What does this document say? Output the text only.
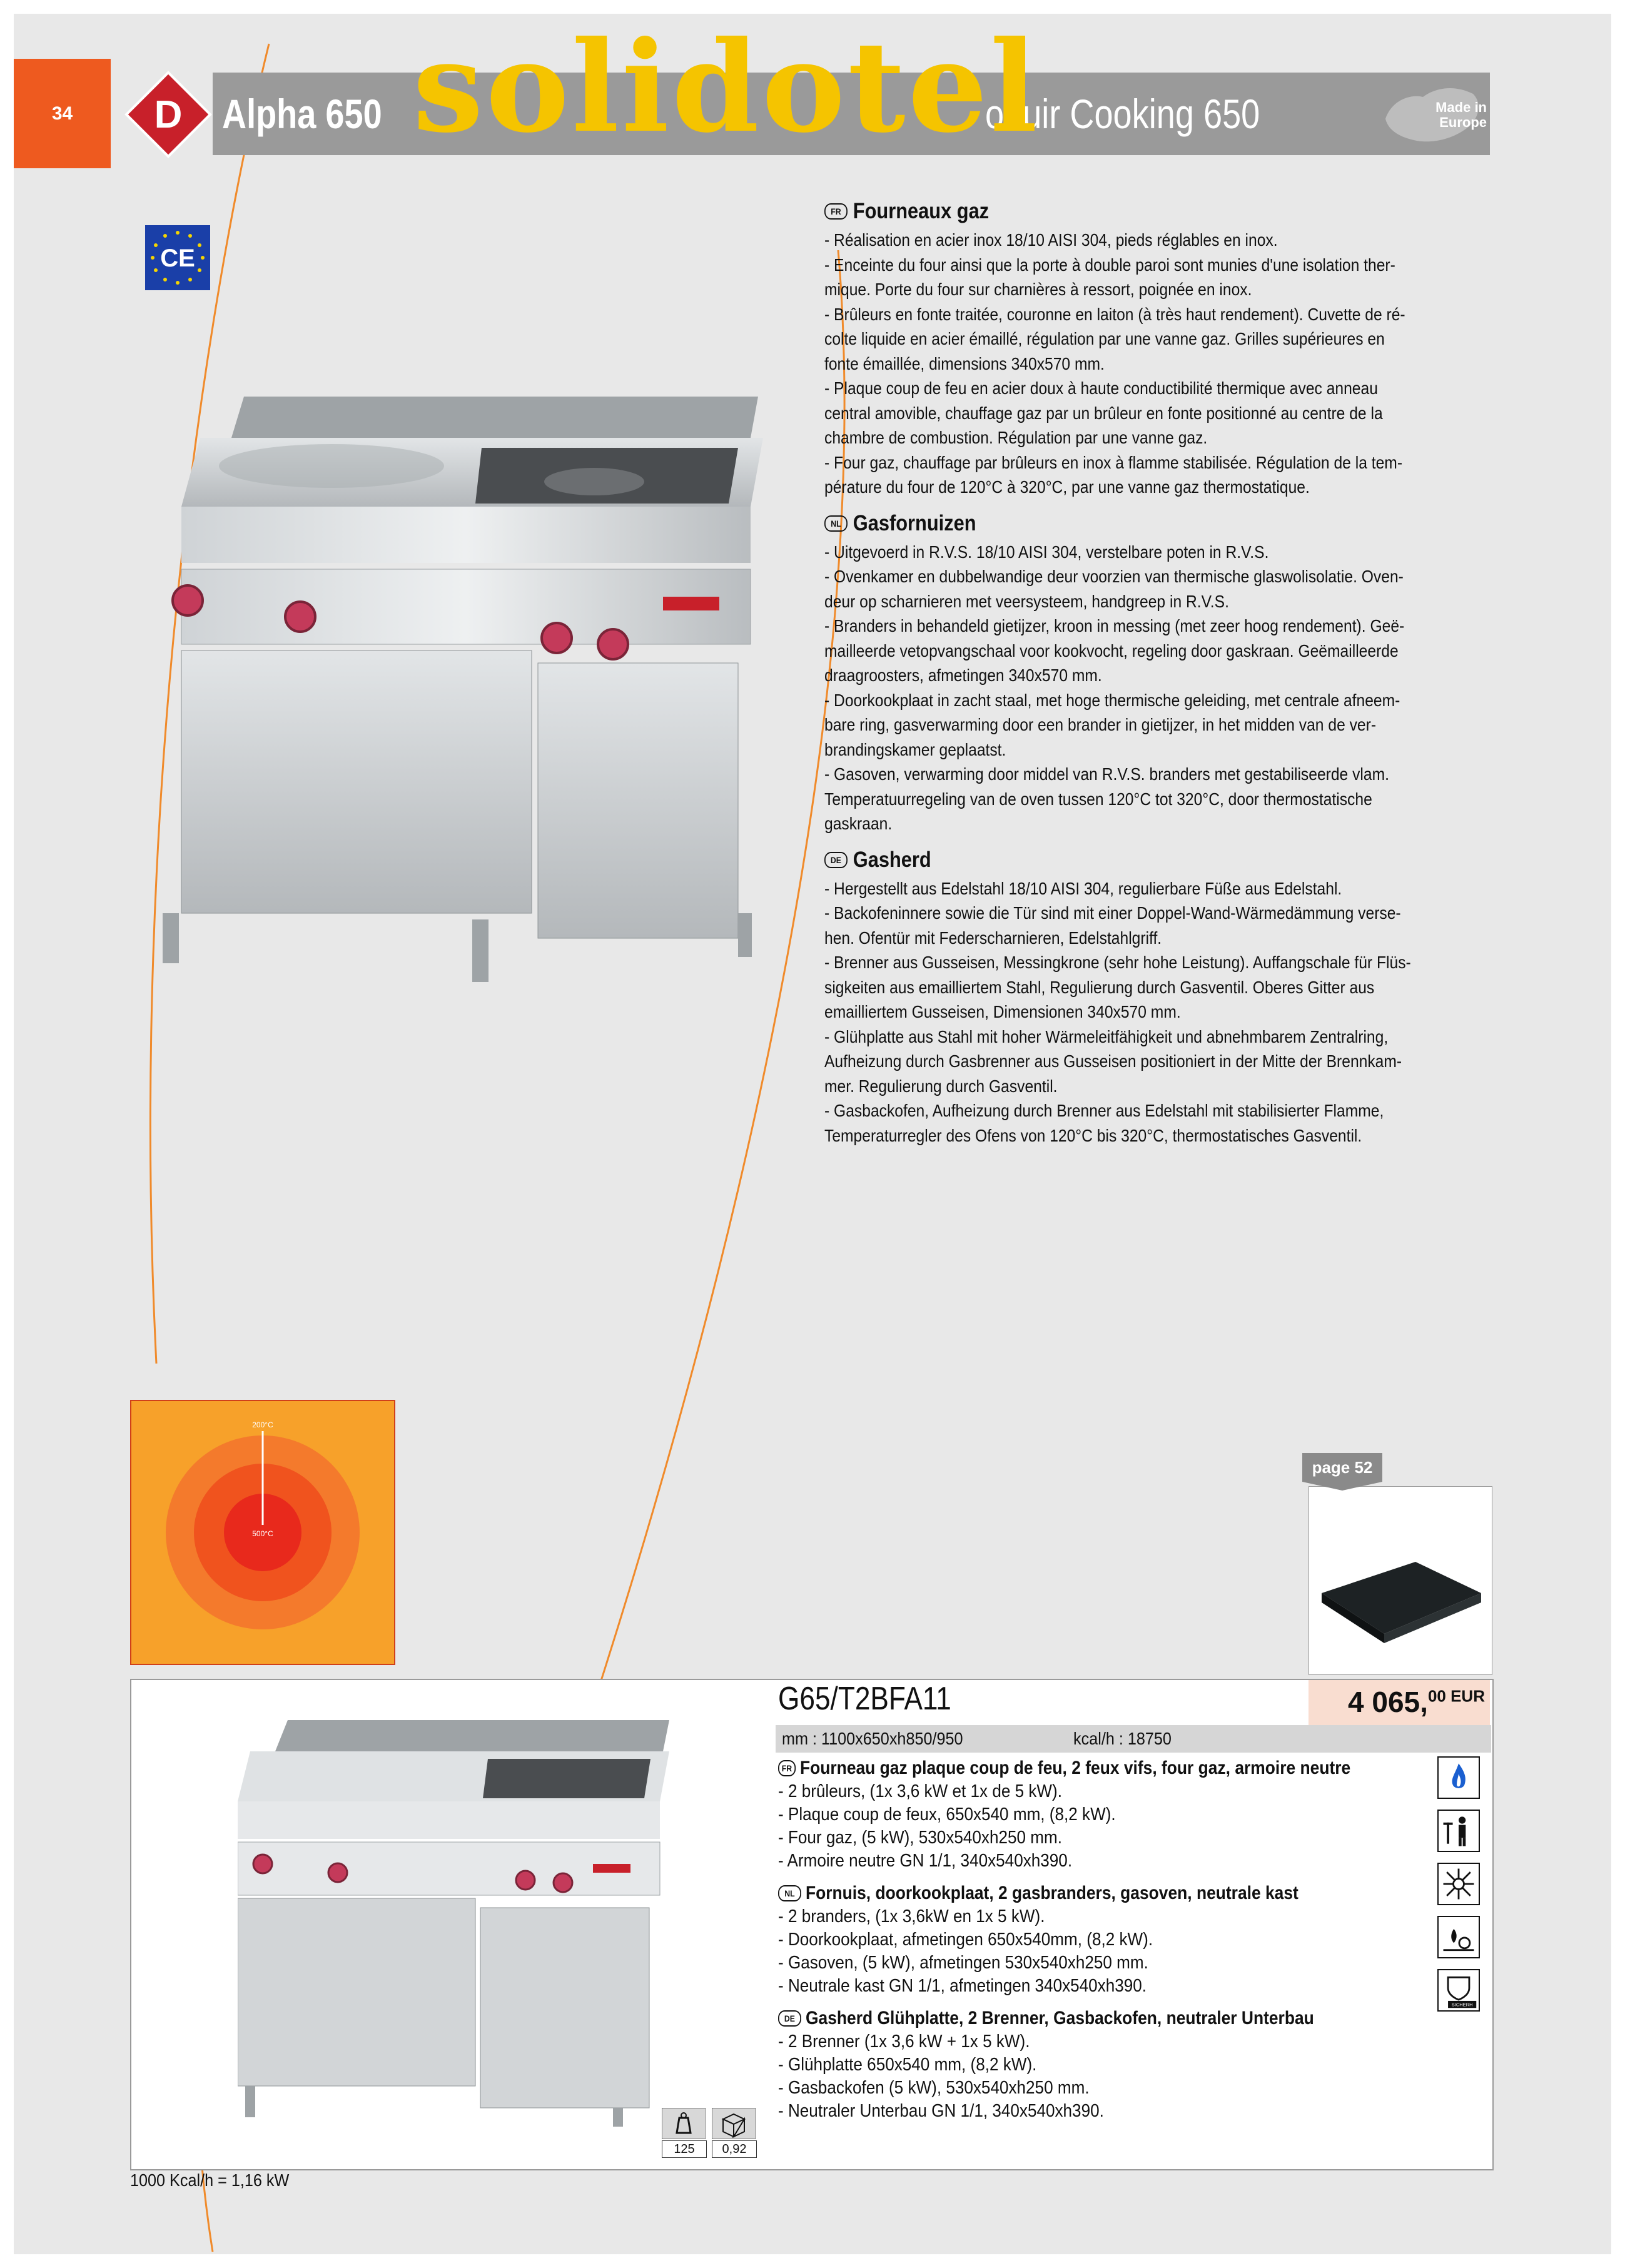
34	D Alpha 650	oduir Cooking 650
solidotel	Made in Europe
CE
FR Fourneaux gaz
- Réalisation en acier inox 18/10 AISI 304, pieds réglables en inox.
- Enceinte du four ainsi que la porte à double paroi sont munies d'une isolation ther-
mique. Porte du four sur charnières à ressort, poignée en inox.
- Brûleurs en fonte traitée, couronne en laiton (à très haut rendement). Cuvette de ré-
colte liquide en acier émaillé, régulation par une vanne gaz. Grilles supérieures en
fonte émaillée, dimensions 340x570 mm.
- Plaque coup de feu en acier doux à haute conductibilité thermique avec anneau
central amovible, chauffage gaz par un brûleur en fonte positionné au centre de la
chambre de combustion. Régulation par une vanne gaz.
- Four gaz, chauffage par brûleurs en inox à flamme stabilisée. Régulation de la tem-
pérature du four de 120°C à 320°C, par une vanne gaz thermostatique.
NL Gasfornuizen
- Uitgevoerd in R.V.S. 18/10 AISI 304, verstelbare poten in R.V.S.
- Ovenkamer en dubbelwandige deur voorzien van thermische glaswolisolatie. Oven-
deur op scharnieren met veersysteem, handgreep in R.V.S.
- Branders in behandeld gietijzer, kroon in messing (met zeer hoog rendement). Geë-
mailleerde vetopvangschaal voor kookvocht, regeling door gaskraan. Geëmailleerde
draagroosters, afmetingen 340x570 mm.
- Doorkookplaat in zacht staal, met hoge thermische geleiding, met centrale afneem-
bare ring, gasverwarming door een brander in gietijzer, in het midden van de ver-
brandingskamer geplaatst.
- Gasoven, verwarming door middel van R.V.S. branders met gestabiliseerde vlam.
Temperatuurregeling van de oven tussen 120°C tot 320°C, door thermostatische
gaskraan.
DE Gasherd
- Hergestellt aus Edelstahl 18/10 AISI 304, regulierbare Füße aus Edelstahl.
- Backofeninnere sowie die Tür sind mit einer Doppel-Wand-Wärmedämmung verse-
hen. Ofentür mit Federscharnieren, Edelstahlgriff.
- Brenner aus Gusseisen, Messingkrone (sehr hohe Leistung). Auffangschale für Flüs-
sigkeiten aus emailliertem Stahl, Regulierung durch Gasventil. Oberes Gitter aus
emailliertem Gusseisen, Dimensionen 340x570 mm.
- Glühplatte aus Stahl mit hoher Wärmeleitfähigkeit und abnehmbarem Zentralring,
Aufheizung durch Gasbrenner aus Gusseisen positioniert in der Mitte der Brennkam-
mer. Regulierung durch Gasventil.
- Gasbackofen, Aufheizung durch Brenner aus Edelstahl mit stabilisierter Flamme,
Temperaturregler des Ofens von 120°C bis 320°C, thermostatisches Gasventil.
200°C
500°C
page 52
G65/T2BFA11	4 065,$^{00 EUR}$
mm : 1100x650xh850/950	kcal/h : 18750
FR Fourneau gaz plaque coup de feu, 2 feux vifs, four gaz, armoire neutre
- 2 brûleurs, (1x 3,6 kW et 1x de 5 kW).
- Plaque coup de feux, 650x540 mm, (8,2 kW).
- Four gaz, (5 kW), 530x540xh250 mm.
- Armoire neutre GN 1/1, 340x540xh390.
NL Fornuis, doorkookplaat, 2 gasbranders, gasoven, neutrale kast
- 2 branders, (1x 3,6kW en 1x 5 kW).
- Doorkookplaat, afmetingen 650x540mm, (8,2 kW).
- Gasoven, (5 kW), afmetingen 530x540xh250 mm.
- Neutrale kast GN 1/1, afmetingen 340x540xh390.
DE Gasherd Glühplatte, 2 Brenner, Gasbackofen, neutraler Unterbau
- 2 Brenner (1x 3,6 kW + 1x 5 kW).
- Glühplatte 650x540 mm, (8,2 kW).
- Gasbackofen (5 kW), 530x540xh250 mm.
- Neutraler Unterbau GN 1/1, 340x540xh390.

SICHERH
125	0,92
1000 Kcal/h = 1,16 kW
